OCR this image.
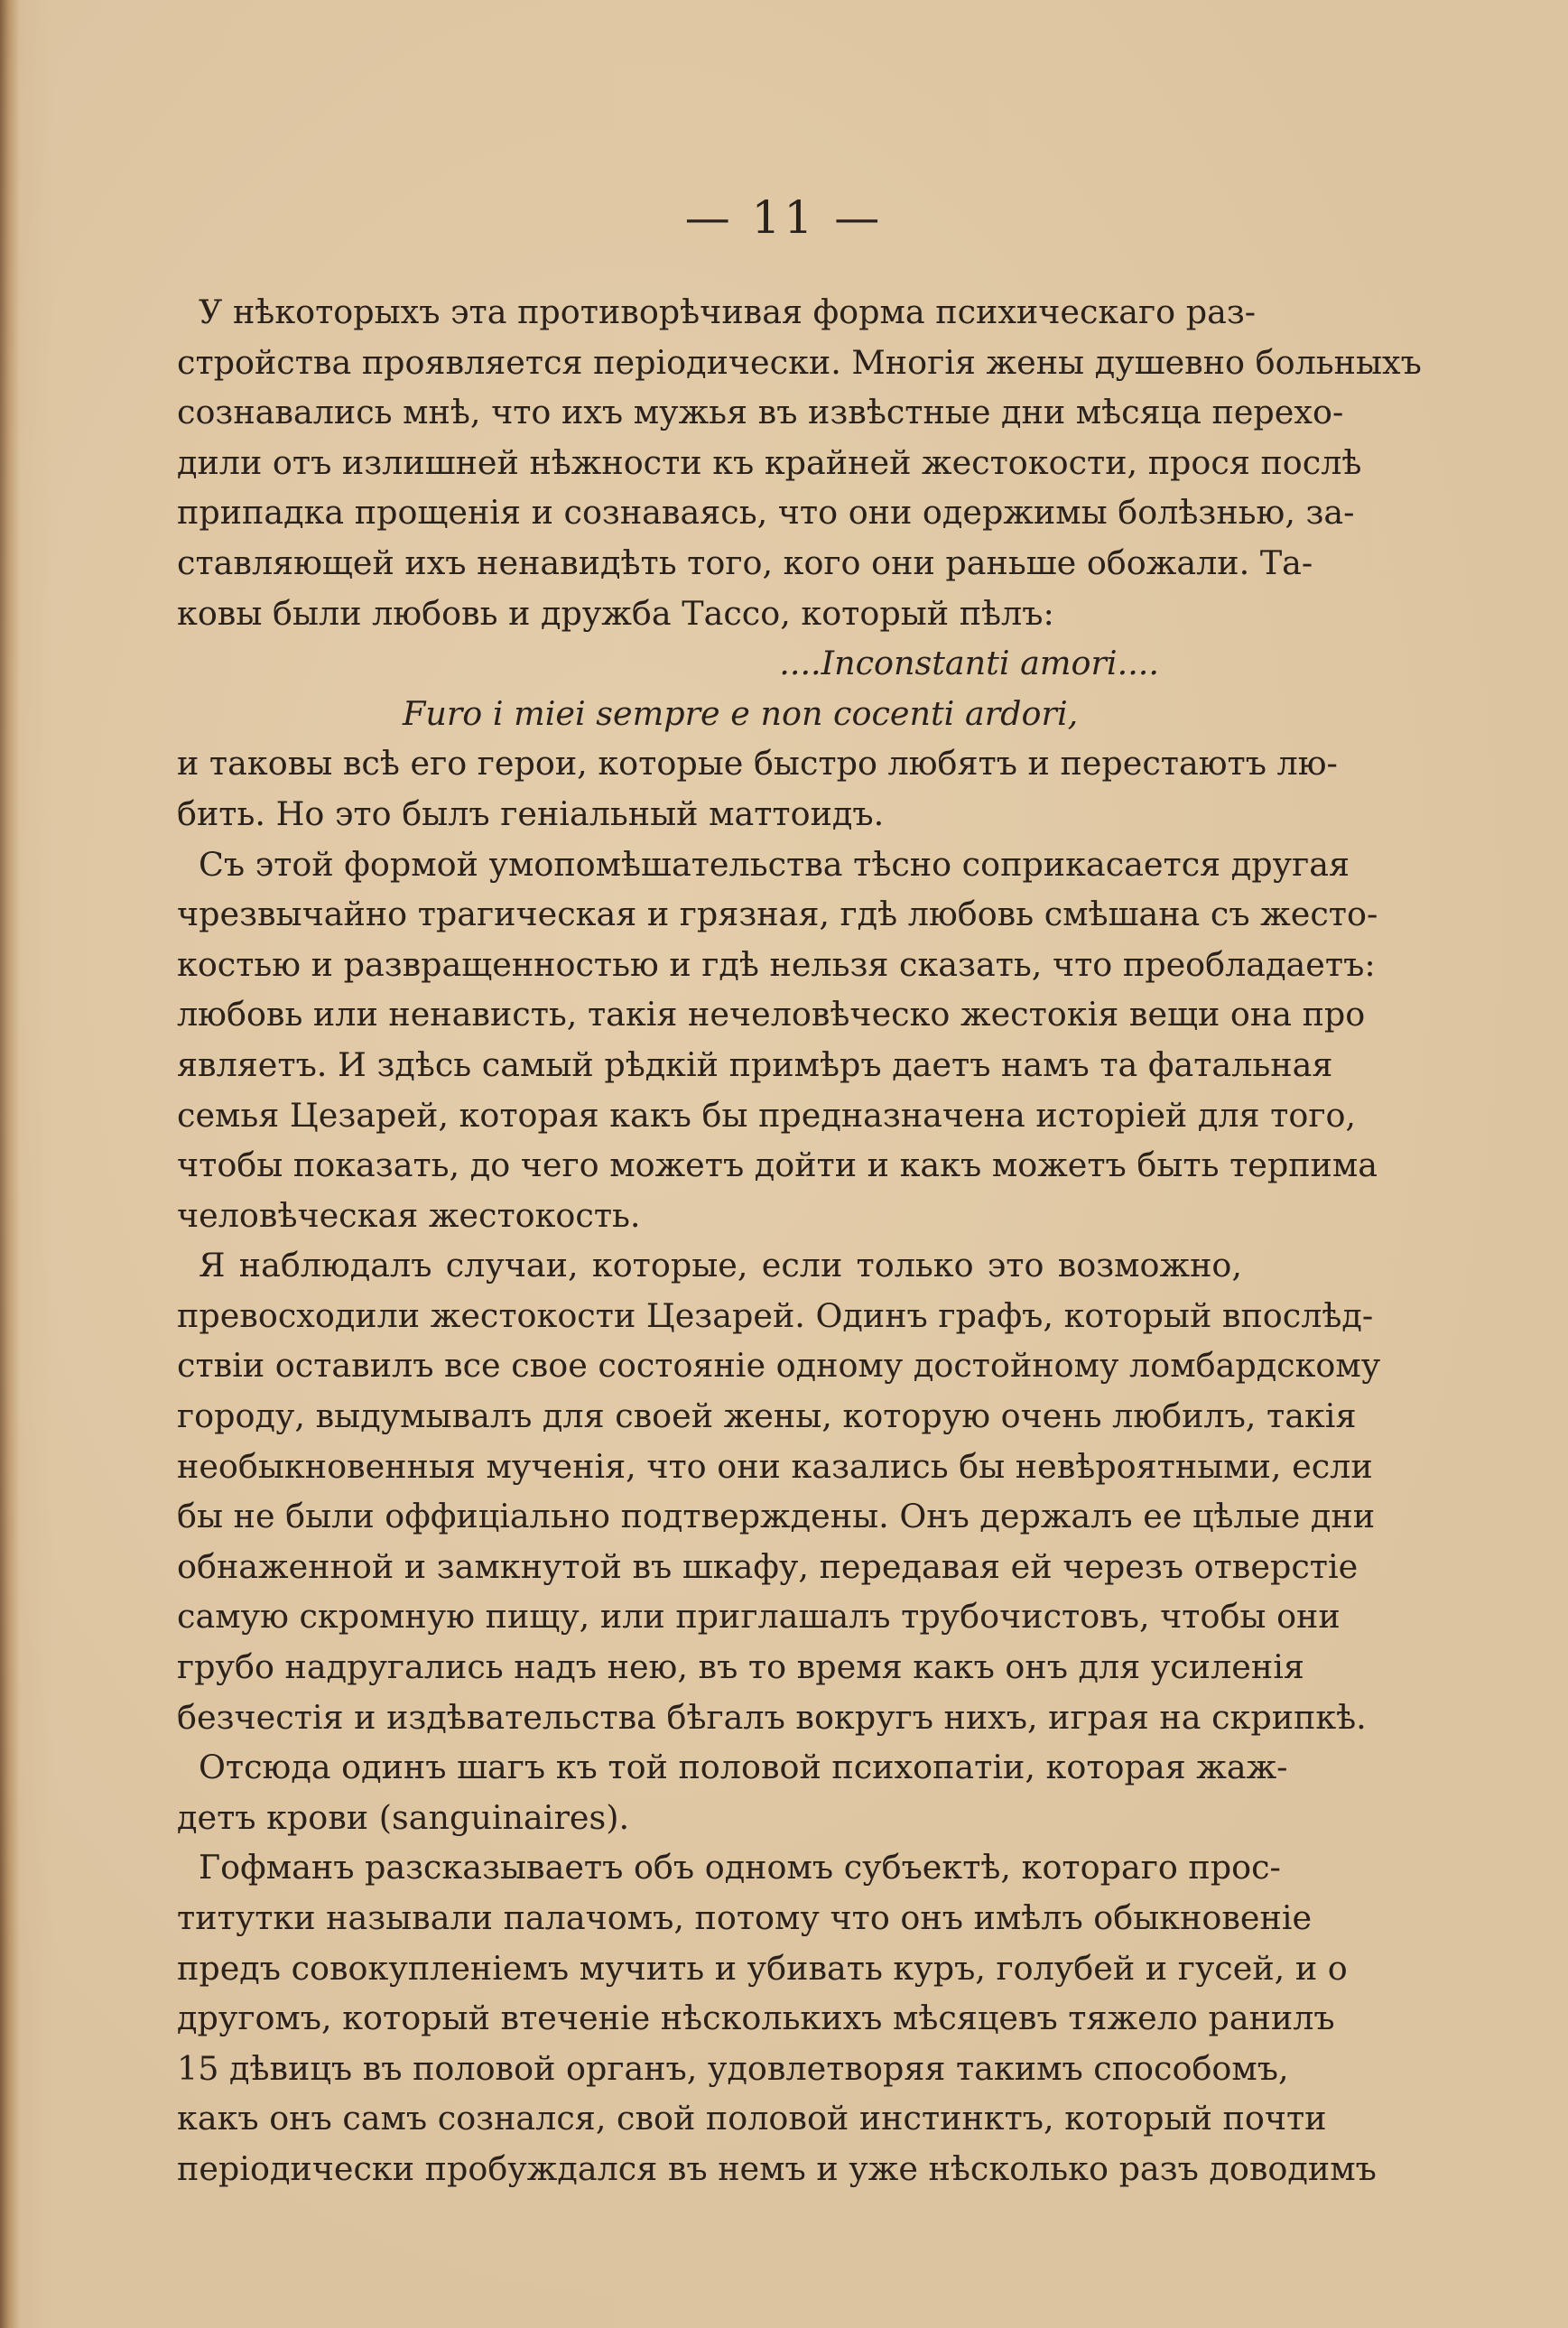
— 11 —
У нѣкоторыхъ эта противорѣчивая форма психическаго раз-
стройства проявляется періодически. Многія жены душевно больныхъ
сознавались мнѣ, что ихъ мужья въ извѣстные дни мѣсяца перехо-
дили отъ излишней нѣжности къ крайней жестокости, прося послѣ
припадка прощенія и сознаваясь, что они одержимы болѣзнью, за-
ставляющей ихъ ненавидѣть того, кого они раньше обожали. Та-
ковы были любовь и дружба Тассо, который пѣлъ:
....Inconstanti amori....
Furo i miei sempre e non cocenti ardori,
и таковы всѣ его герои, которые быстро любятъ и перестаютъ лю-
бить. Но это былъ геніальный маттоидъ.
Съ этой формой умопомѣшательства тѣсно соприкасается другая
чрезвычайно трагическая и грязная, гдѣ любовь смѣшана съ жесто-
костью и развращенностью и гдѣ нельзя сказать, что преобладаетъ:
любовь или ненависть, такія нечеловѣческо жестокія вещи она про
являетъ. И здѣсь самый рѣдкій примѣръ даетъ намъ та фатальная
семья Цезарей, которая какъ бы предназначена исторіей для того,
чтобы показать, до чего можетъ дойти и какъ можетъ быть терпима
человѣческая жестокость.
Я наблюдалъ случаи, которые, если только это возможно,
превосходили жестокости Цезарей. Одинъ графъ, который впослѣд-
ствіи оставилъ все свое состояніе одному достойному ломбардскому
городу, выдумывалъ для своей жены, которую очень любилъ, такія
необыкновенныя мученія, что они казались бы невѣроятными, если
бы не были оффиціально подтверждены. Онъ держалъ ее цѣлые дни
обнаженной и замкнутой въ шкафу, передавая ей черезъ отверстіе
самую скромную пищу, или приглашалъ трубочистовъ, чтобы они
грубо надругались надъ нею, въ то время какъ онъ для усиленія
безчестія и издѣвательства бѣгалъ вокругъ нихъ, играя на скрипкѣ.
Отсюда одинъ шагъ къ той половой психопатіи, которая жаж-
детъ крови (sanguinaires).
Гофманъ разсказываетъ объ одномъ субъектѣ, котораго прос-
титутки называли палачомъ, потому что онъ имѣлъ обыкновеніе
предъ совокупленіемъ мучить и убивать куръ, голубей и гусей, и о
другомъ, который втеченіе нѣсколькихъ мѣсяцевъ тяжело ранилъ
15 дѣвицъ въ половой органъ, удовлетворяя такимъ способомъ,
какъ онъ самъ сознался, свой половой инстинктъ, который почти
періодически пробуждался въ немъ и уже нѣсколько разъ доводимъ
